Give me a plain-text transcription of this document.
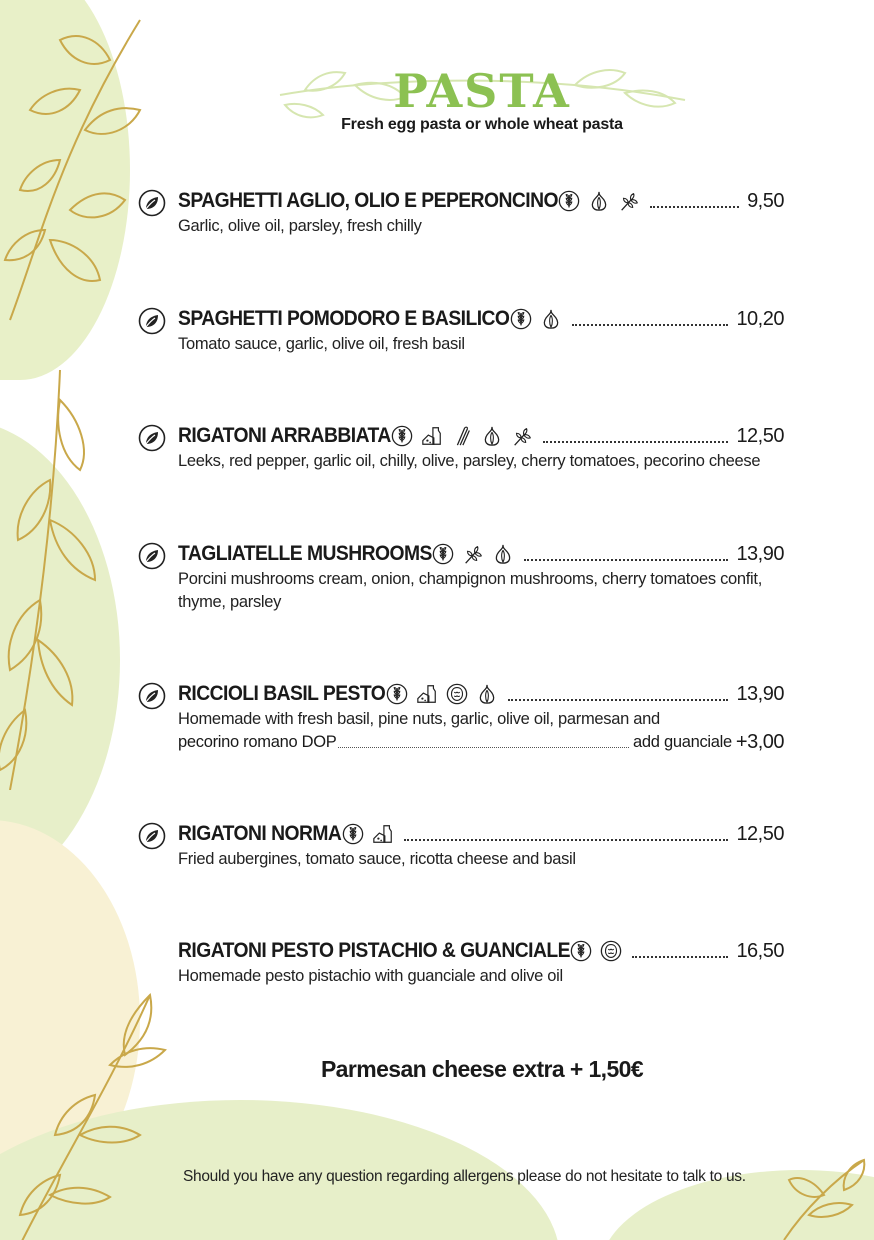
PASTA
Fresh egg pasta or whole wheat pasta
SPAGHETTI AGLIO, OLIO E PEPERONCINO	9,50
Garlic, olive oil, parsley, fresh chilly
SPAGHETTI POMODORO E BASILICO	10,20
Tomato sauce, garlic, olive oil, fresh basil
RIGATONI ARRABBIATA	12,50
Leeks, red pepper, garlic oil, chilly, olive, parsley, cherry tomatoes, pecorino cheese
TAGLIATELLE MUSHROOMS	13,90
Porcini mushrooms cream, onion, champignon mushrooms, cherry tomatoes confit, thyme, parsley
RICCIOLI BASIL PESTO	13,90
Homemade with fresh basil, pine nuts, garlic, olive oil, parmesan and
pecorino romano DOP	add guanciale +3,00
RIGATONI NORMA	12,50
Fried aubergines, tomato sauce, ricotta cheese and basil
RIGATONI PESTO PISTACHIO & GUANCIALE	16,50
Homemade pesto pistachio with guanciale and olive oil
Parmesan cheese extra + 1,50€
Should you have any question regarding allergens please do not hesitate to talk to us.
